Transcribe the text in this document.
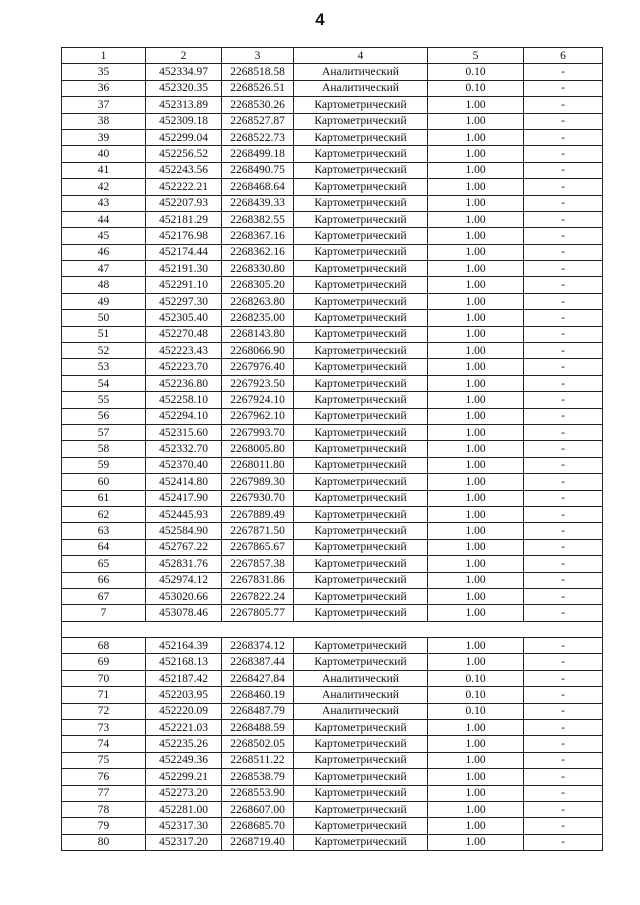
4
1	2	3	4	5	6
35	452334.97	2268518.58	Аналитический	0.10	-
36	452320.35	2268526.51	Аналитический	0.10	-
37	452313.89	2268530.26	Картометрический	1.00	-
38	452309.18	2268527.87	Картометрический	1.00	-
39	452299.04	2268522.73	Картометрический	1.00	-
40	452256.52	2268499.18	Картометрический	1.00	-
41	452243.56	2268490.75	Картометрический	1.00	-
42	452222.21	2268468.64	Картометрический	1.00	-
43	452207.93	2268439.33	Картометрический	1.00	-
44	452181.29	2268382.55	Картометрический	1.00	-
45	452176.98	2268367.16	Картометрический	1.00	-
46	452174.44	2268362.16	Картометрический	1.00	-
47	452191.30	2268330.80	Картометрический	1.00	-
48	452291.10	2268305.20	Картометрический	1.00	-
49	452297.30	2268263.80	Картометрический	1.00	-
50	452305.40	2268235.00	Картометрический	1.00	-
51	452270.48	2268143.80	Картометрический	1.00	-
52	452223.43	2268066.90	Картометрический	1.00	-
53	452223.70	2267976.40	Картометрический	1.00	-
54	452236.80	2267923.50	Картометрический	1.00	-
55	452258.10	2267924.10	Картометрический	1.00	-
56	452294.10	2267962.10	Картометрический	1.00	-
57	452315.60	2267993.70	Картометрический	1.00	-
58	452332.70	2268005.80	Картометрический	1.00	-
59	452370.40	2268011.80	Картометрический	1.00	-
60	452414.80	2267989.30	Картометрический	1.00	-
61	452417.90	2267930.70	Картометрический	1.00	-
62	452445.93	2267889.49	Картометрический	1.00	-
63	452584.90	2267871.50	Картометрический	1.00	-
64	452767.22	2267865.67	Картометрический	1.00	-
65	452831.76	2267857.38	Картометрический	1.00	-
66	452974.12	2267831.86	Картометрический	1.00	-
67	453020.66	2267822.24	Картометрический	1.00	-
7	453078.46	2267805.77	Картометрический	1.00	-

68	452164.39	2268374.12	Картометрический	1.00	-
69	452168.13	2268387.44	Картометрический	1.00	-
70	452187.42	2268427.84	Аналитический	0.10	-
71	452203.95	2268460.19	Аналитический	0.10	-
72	452220.09	2268487.79	Аналитический	0.10	-
73	452221.03	2268488.59	Картометрический	1.00	-
74	452235.26	2268502.05	Картометрический	1.00	-
75	452249.36	2268511.22	Картометрический	1.00	-
76	452299.21	2268538.79	Картометрический	1.00	-
77	452273.20	2268553.90	Картометрический	1.00	-
78	452281.00	2268607.00	Картометрический	1.00	-
79	452317.30	2268685.70	Картометрический	1.00	-
80	452317.20	2268719.40	Картометрический	1.00	-
